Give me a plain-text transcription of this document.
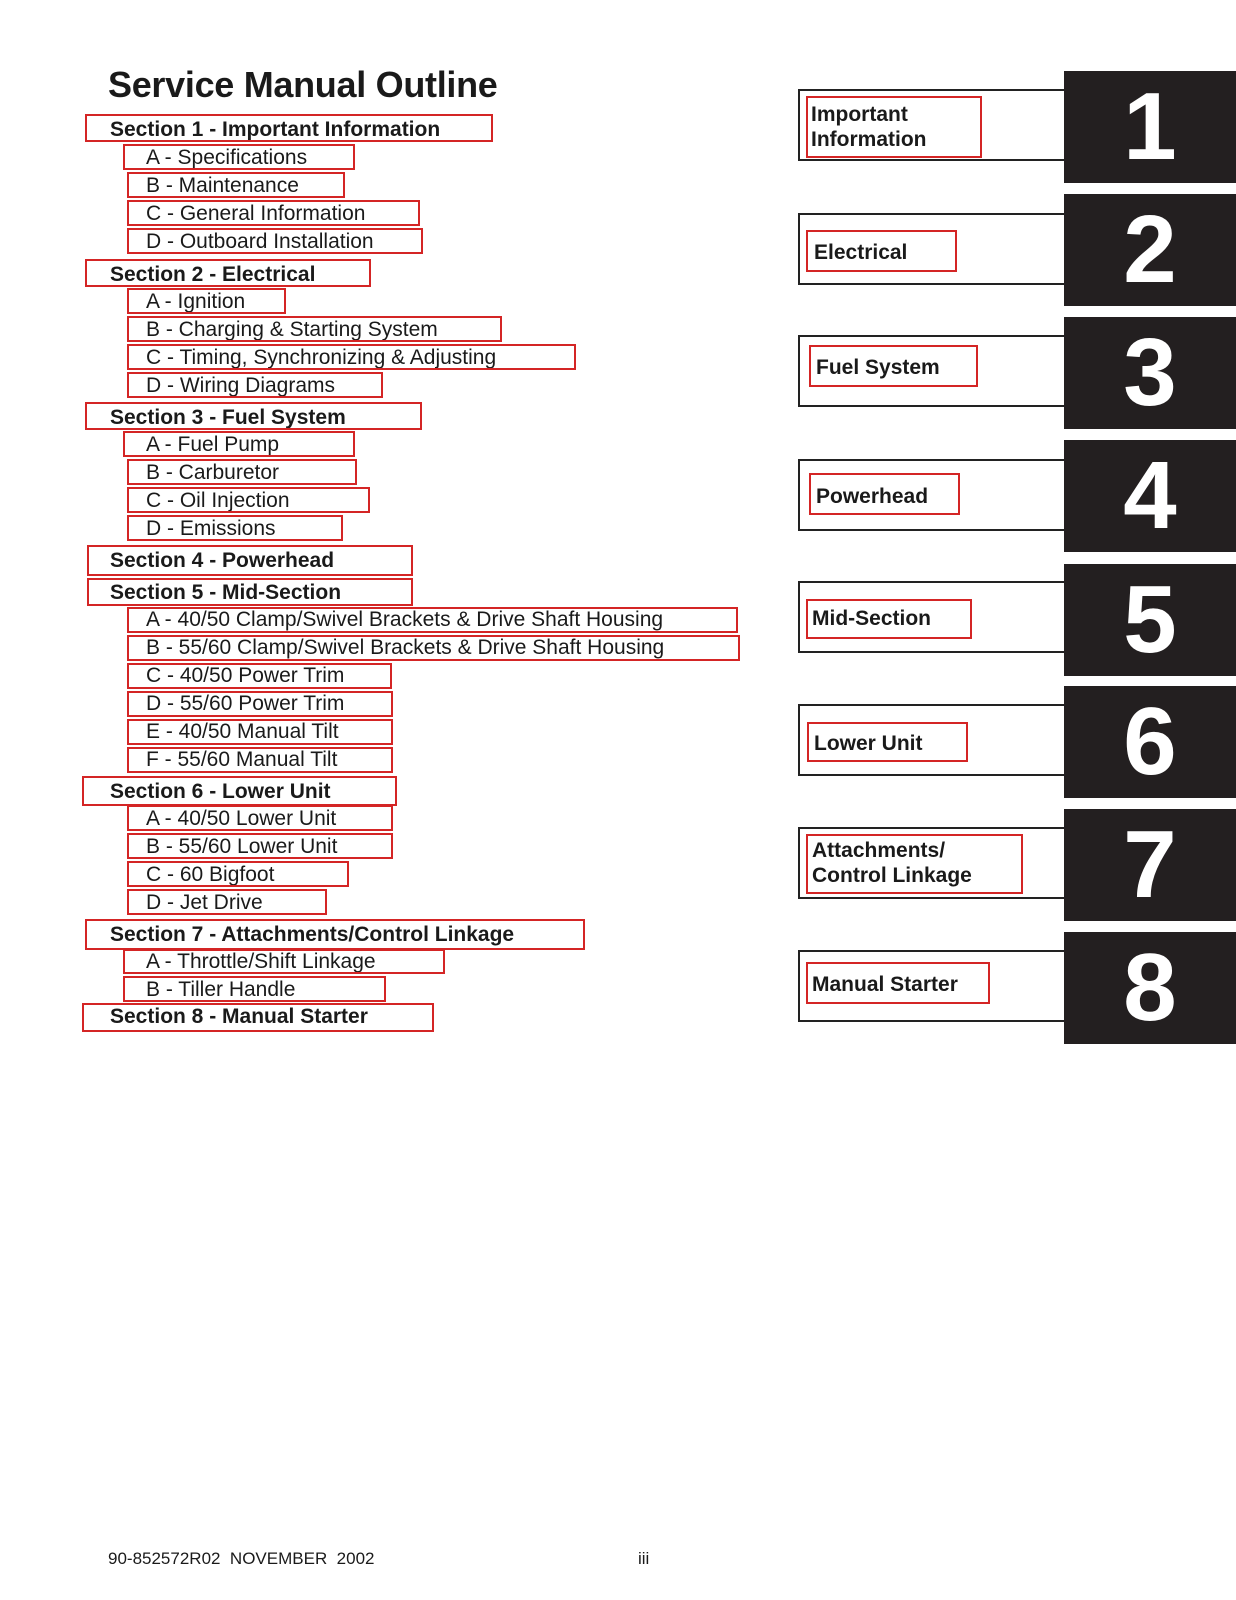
Service Manual Outline
Section 1 - Important Information
A - Specifications
B - Maintenance
C - General Information
D - Outboard Installation
Section 2 - Electrical
A - Ignition
B - Charging & Starting System
C - Timing, Synchronizing & Adjusting
D - Wiring Diagrams
Section 3 - Fuel System
A - Fuel Pump
B - Carburetor
C - Oil Injection
D - Emissions
Section 4 - Powerhead
Section 5 - Mid-Section
A - 40/50 Clamp/Swivel Brackets & Drive Shaft Housing
B - 55/60 Clamp/Swivel Brackets & Drive Shaft Housing
C - 40/50 Power Trim
D - 55/60 Power Trim
E - 40/50 Manual Tilt
F - 55/60 Manual Tilt
Section 6 - Lower Unit
A - 40/50 Lower Unit
B - 55/60 Lower Unit
C - 60 Bigfoot
D - Jet Drive
Section 7 - Attachments/Control Linkage
A - Throttle/Shift Linkage
B - Tiller Handle
Section 8 - Manual Starter
1
Important
Information
2
Electrical
3
Fuel System
4
Powerhead
5
Mid-Section
6
Lower Unit
7
Attachments/
Control Linkage
8
Manual Starter
90-852572R02  NOVEMBER  2002	iii
